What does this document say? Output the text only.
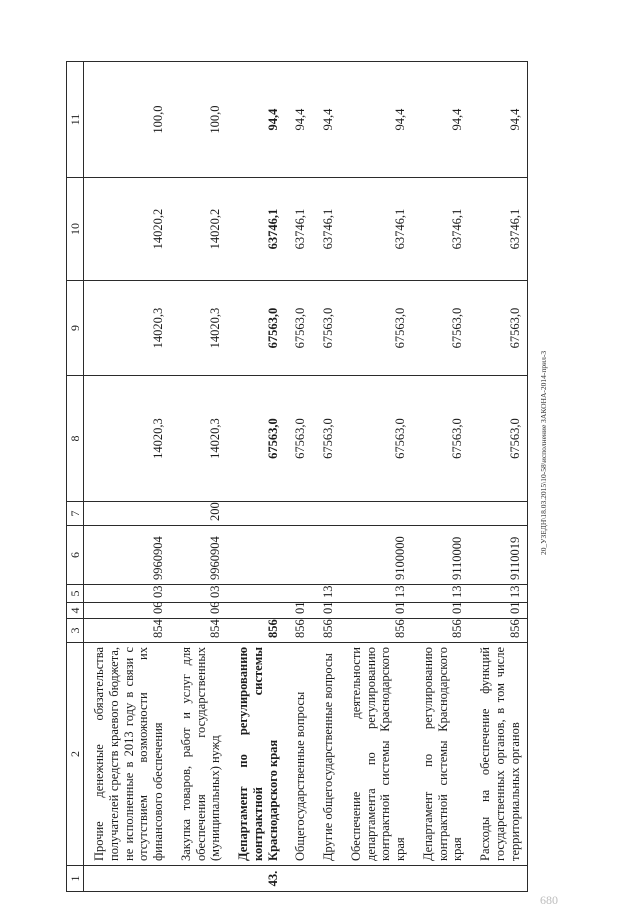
1	2	3	4	5	6	7	8	9	10	11
	Прочие денежные обязательства получателей средств краевого бюджета, не исполненные в 2013 году в связи с отсутствием возможности их финансового обеспечения	854	06	03	9960904		14020,3	14020,3	14020,2	100,0
	Закупка товаров, работ и услуг для обеспечения государственных (муниципальных) нужд	854	06	03	9960904	200	14020,3	14020,3	14020,2	100,0
43.	Департамент по регулированию контрактной системы Краснодарского края	856					67563,0	67563,0	63746,1	94,4
	Общегосударственные вопросы	856	01				67563,0	67563,0	63746,1	94,4
	Другие общегосударственные вопросы	856	01	13			67563,0	67563,0	63746,1	94,4
	Обеспечение деятельности департамента по регулированию контрактной системы Краснодарского края	856	01	13	9100000		67563,0	67563,0	63746,1	94,4
	Департамент по регулированию контрактной системы Краснодарского края	856	01	13	9110000		67563,0	67563,0	63746,1	94,4
	Расходы на обеспечение функций государственных органов, в том числе территориальных органов	856	01	13	9110019		67563,0	67563,0	63746,1	94,4
20_УЗЕДН\18.03.2015\10-58\исполнение ЗАКОНА-2014-прил-3
680
